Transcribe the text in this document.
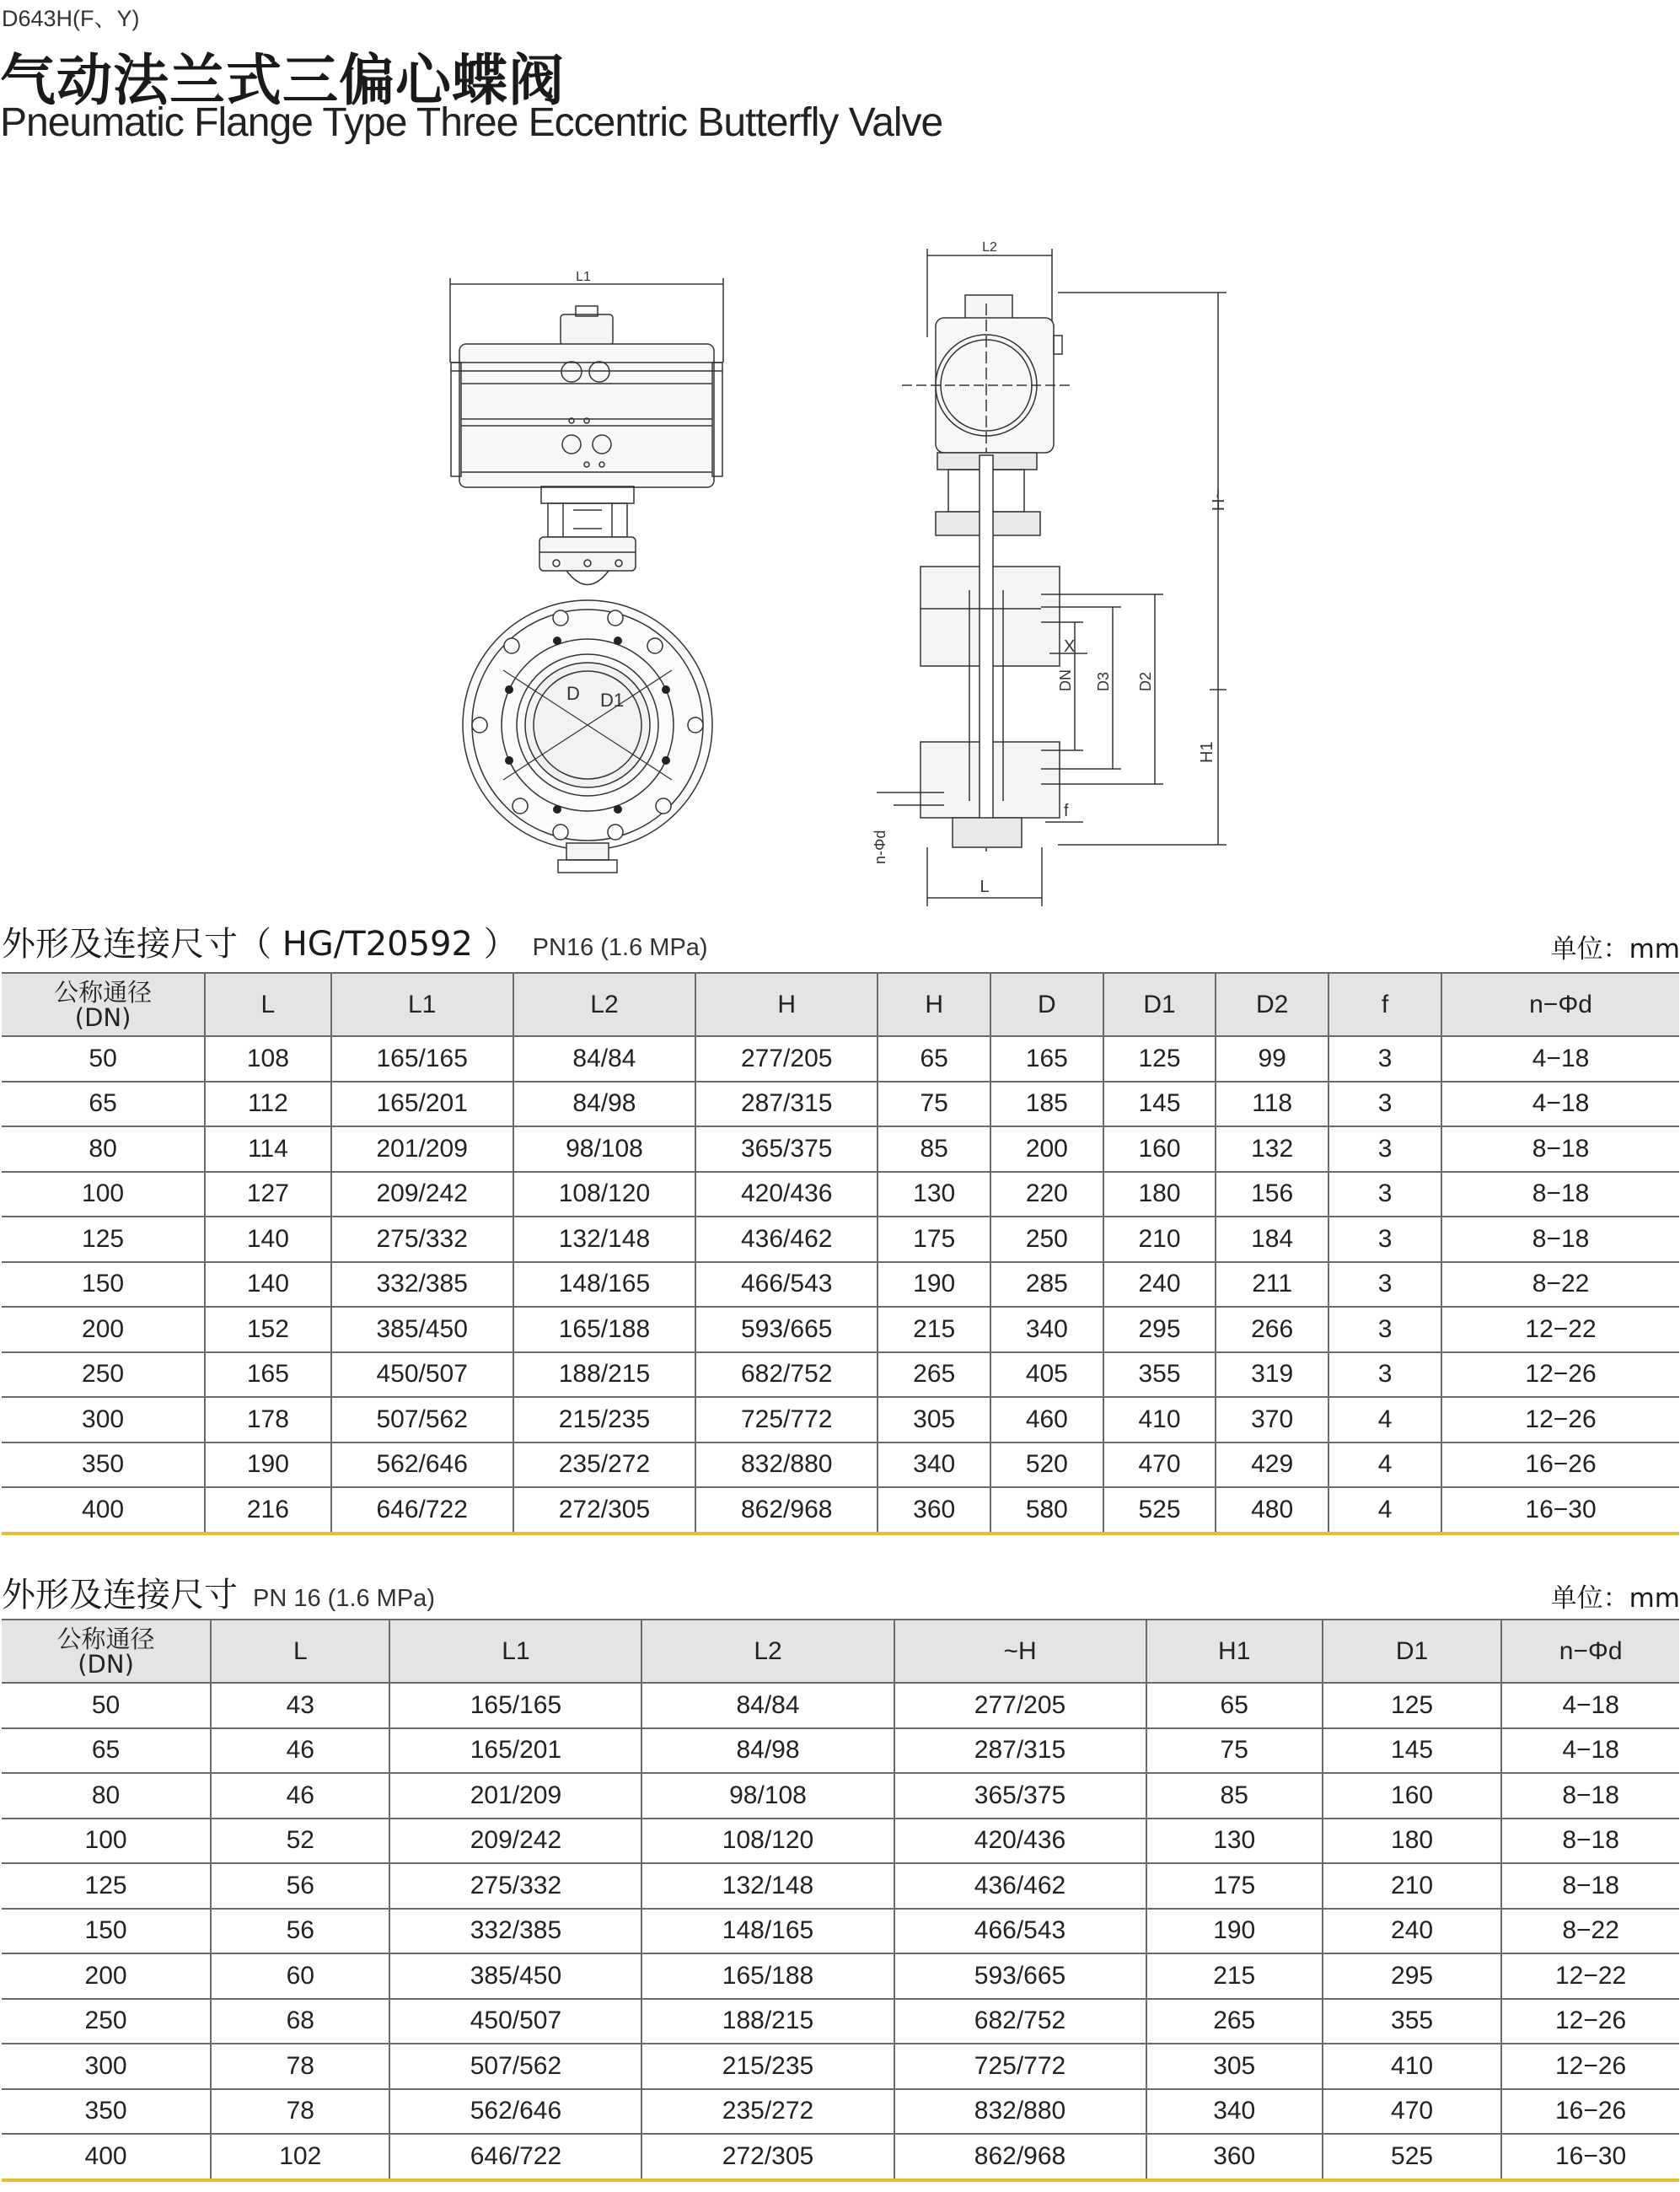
D643H(F、Y)
气动法兰式三偏心蝶阀
Pneumatic Flange Type Three Eccentric Butterfly Valve
L1
D D1
L2
~H
H1
X
DN D3 D2
f
n-Φd
L
外形及连接尺寸（ HG/T20592 ） PN16 (1.6 MPa)	单位：mm
公称通径
(DN)	L	L1	L2	H	H	D	D1	D2	f	n−Φd
50	108	165/165	84/84	277/205	65	165	125	99	3	4−18
65	112	165/201	84/98	287/315	75	185	145	118	3	4−18
80	114	201/209	98/108	365/375	85	200	160	132	3	8−18
100	127	209/242	108/120	420/436	130	220	180	156	3	8−18
125	140	275/332	132/148	436/462	175	250	210	184	3	8−18
150	140	332/385	148/165	466/543	190	285	240	211	3	8−22
200	152	385/450	165/188	593/665	215	340	295	266	3	12−22
250	165	450/507	188/215	682/752	265	405	355	319	3	12−26
300	178	507/562	215/235	725/772	305	460	410	370	4	12−26
350	190	562/646	235/272	832/880	340	520	470	429	4	16−26
400	216	646/722	272/305	862/968	360	580	525	480	4	16−30
外形及连接尺寸 PN 16 (1.6 MPa)	单位：mm
公称通径
(DN)	L	L1	L2	~H	H1	D1	n−Φd
50	43	165/165	84/84	277/205	65	125	4−18
65	46	165/201	84/98	287/315	75	145	4−18
80	46	201/209	98/108	365/375	85	160	8−18
100	52	209/242	108/120	420/436	130	180	8−18
125	56	275/332	132/148	436/462	175	210	8−18
150	56	332/385	148/165	466/543	190	240	8−22
200	60	385/450	165/188	593/665	215	295	12−22
250	68	450/507	188/215	682/752	265	355	12−26
300	78	507/562	215/235	725/772	305	410	12−26
350	78	562/646	235/272	832/880	340	470	16−26
400	102	646/722	272/305	862/968	360	525	16−30
